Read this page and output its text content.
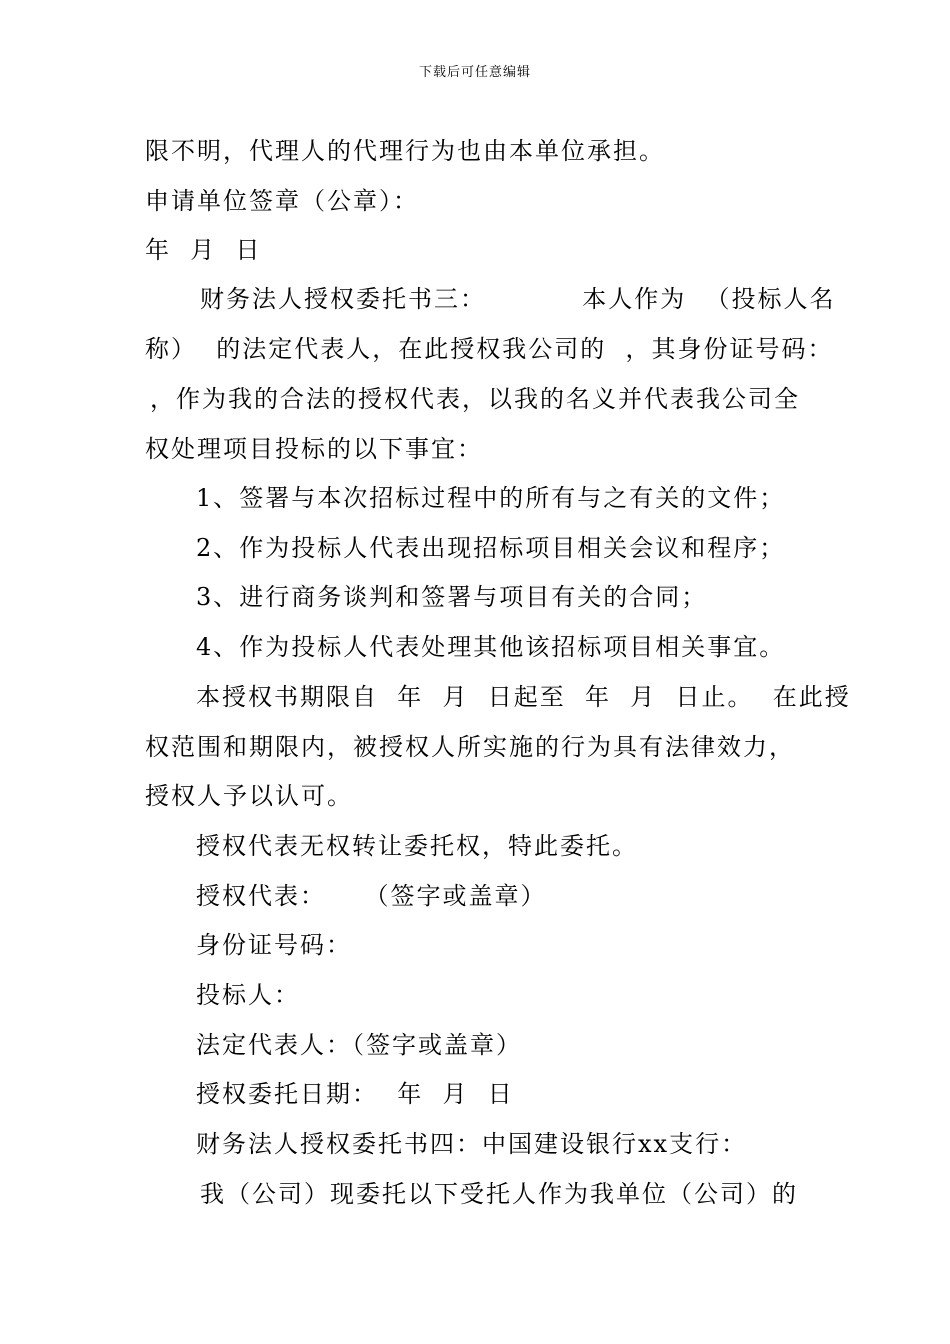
下载后可任意编辑
限不明，代理人的代理行为也由本单位承担。
申请单位签章（公章）：
年  月  日
财务法人授权委托书三：          本人作为  （投标人名
称）  的法定代表人，在此授权我公司的  ，其身份证号码：
，作为我的合法的授权代表，以我的名义并代表我公司全
权处理项目投标的以下事宜：
1、签署与本次招标过程中的所有与之有关的文件；
2、作为投标人代表出现招标项目相关会议和程序；
3、进行商务谈判和签署与项目有关的合同；
4、作为投标人代表处理其他该招标项目相关事宜。
本授权书期限自  年  月  日起至  年  月  日止。  在此授
权范围和期限内，被授权人所实施的行为具有法律效力，
授权人予以认可。
授权代表无权转让委托权，特此委托。
授权代表：    （签字或盖章）
身份证号码：
投标人：
法定代表人：（签字或盖章）
授权委托日期：  年  月  日
财务法人授权委托书四：中国建设银行xx支行：
我（公司）现委托以下受托人作为我单位（公司）的
